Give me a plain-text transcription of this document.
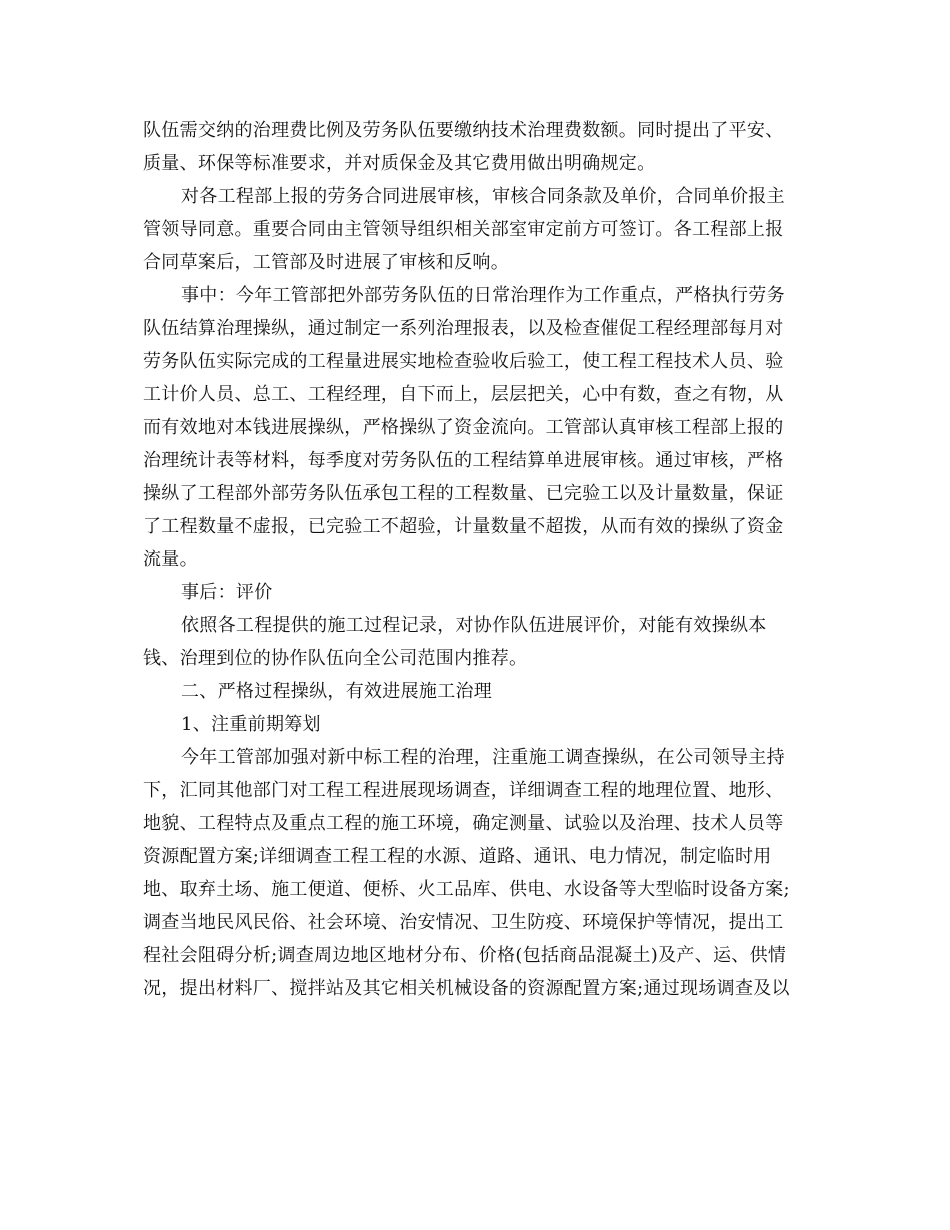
队伍需交纳的治理费比例及劳务队伍要缴纳技术治理费数额。同时提出了平安、
质量、环保等标准要求，并对质保金及其它费用做出明确规定。
对各工程部上报的劳务合同进展审核，审核合同条款及单价，合同单价报主
管领导同意。重要合同由主管领导组织相关部室审定前方可签订。各工程部上报
合同草案后，工管部及时进展了审核和反响。
事中：今年工管部把外部劳务队伍的日常治理作为工作重点，严格执行劳务
队伍结算治理操纵，通过制定一系列治理报表，以及检查催促工程经理部每月对
劳务队伍实际完成的工程量进展实地检查验收后验工，使工程工程技术人员、验
工计价人员、总工、工程经理，自下而上，层层把关，心中有数，查之有物，从
而有效地对本钱进展操纵，严格操纵了资金流向。工管部认真审核工程部上报的
治理统计表等材料，每季度对劳务队伍的工程结算单进展审核。通过审核，严格
操纵了工程部外部劳务队伍承包工程的工程数量、已完验工以及计量数量，保证
了工程数量不虚报，已完验工不超验，计量数量不超拨，从而有效的操纵了资金
流量。
事后：评价
依照各工程提供的施工过程记录，对协作队伍进展评价，对能有效操纵本
钱、治理到位的协作队伍向全公司范围内推荐。
二、严格过程操纵，有效进展施工治理
1、注重前期筹划
今年工管部加强对新中标工程的治理，注重施工调查操纵，在公司领导主持
下，汇同其他部门对工程工程进展现场调查，详细调查工程的地理位置、地形、
地貌、工程特点及重点工程的施工环境，确定测量、试验以及治理、技术人员等
资源配置方案;详细调查工程工程的水源、道路、通讯、电力情况，制定临时用
地、取弃土场、施工便道、便桥、火工品库、供电、水设备等大型临时设备方案;
调查当地民风民俗、社会环境、治安情况、卫生防疫、环境保护等情况，提出工
程社会阻碍分析;调查周边地区地材分布、价格(包括商品混凝土)及产、运、供情
况，提出材料厂、搅拌站及其它相关机械设备的资源配置方案;通过现场调查及以
